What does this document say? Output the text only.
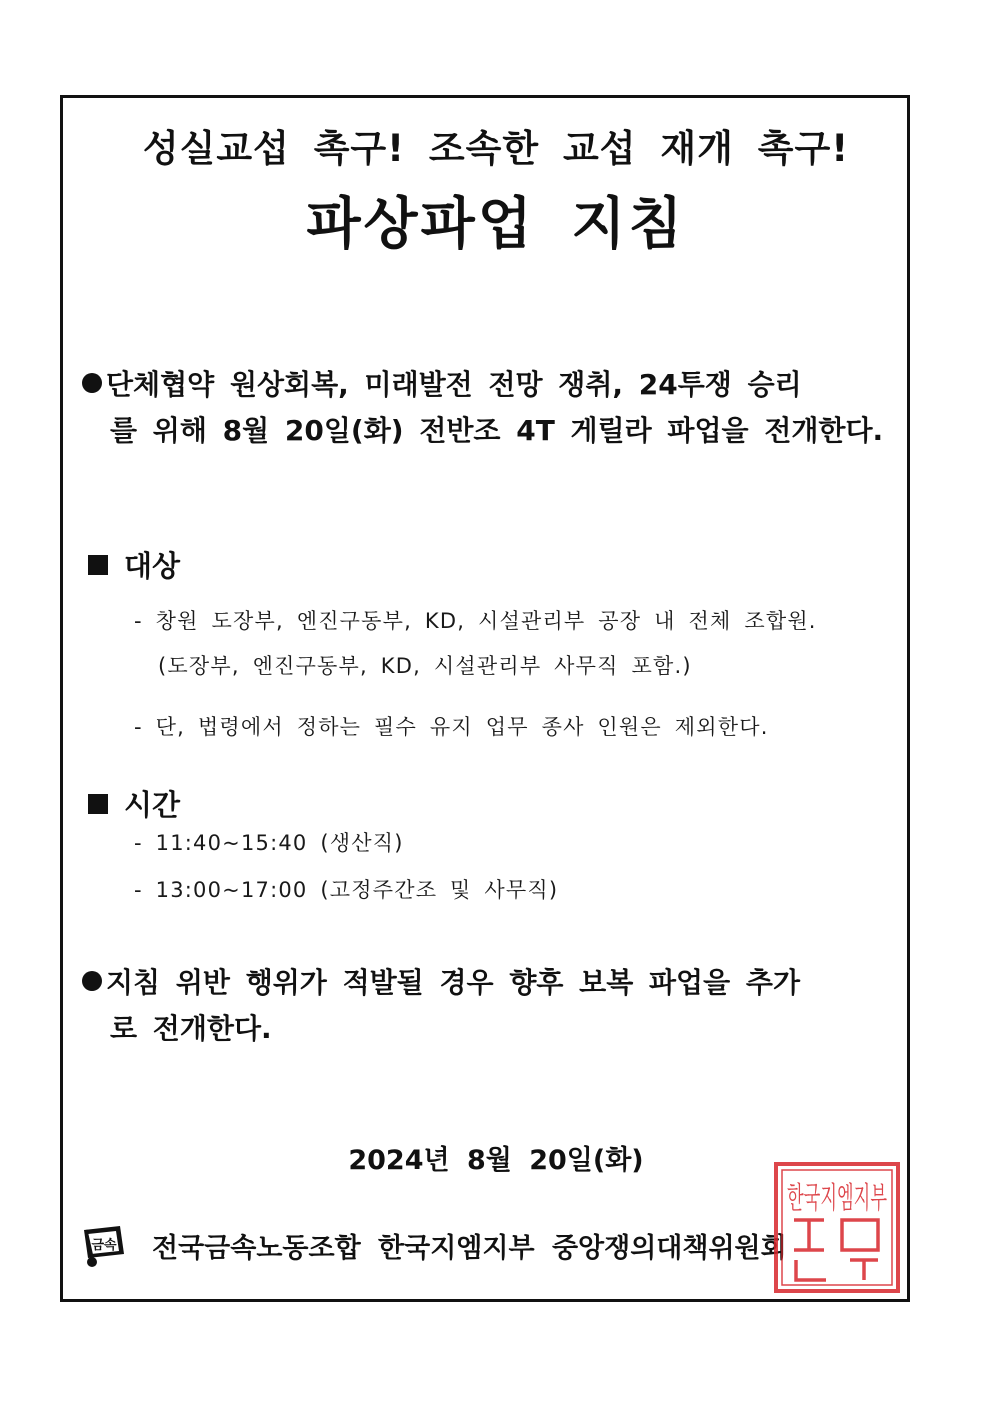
성실교섭 촉구! 조속한 교섭 재개 촉구!
파상파업 지침
단체협약 원상회복, 미래발전 전망 쟁취, 24투쟁 승리
를 위해 8월 20일(화) 전반조 4T 게릴라 파업을 전개한다.
대상
- 창원 도장부, 엔진구동부, KD, 시설관리부 공장 내 전체 조합원.
(도장부, 엔진구동부, KD, 시설관리부 사무직 포함.)
- 단, 법령에서 정하는 필수 유지 업무 종사 인원은 제외한다.
시간
- 11:40~15:40 (생산직)
- 13:00~17:00 (고정주간조 및 사무직)
지침 위반 행위가 적발될 경우 향후 보복 파업을 추가
로 전개한다.
2024년 8월 20일(화)
금속 전국금속노동조합 한국지엠지부 중앙쟁의대책위원회
한국지엠지부
